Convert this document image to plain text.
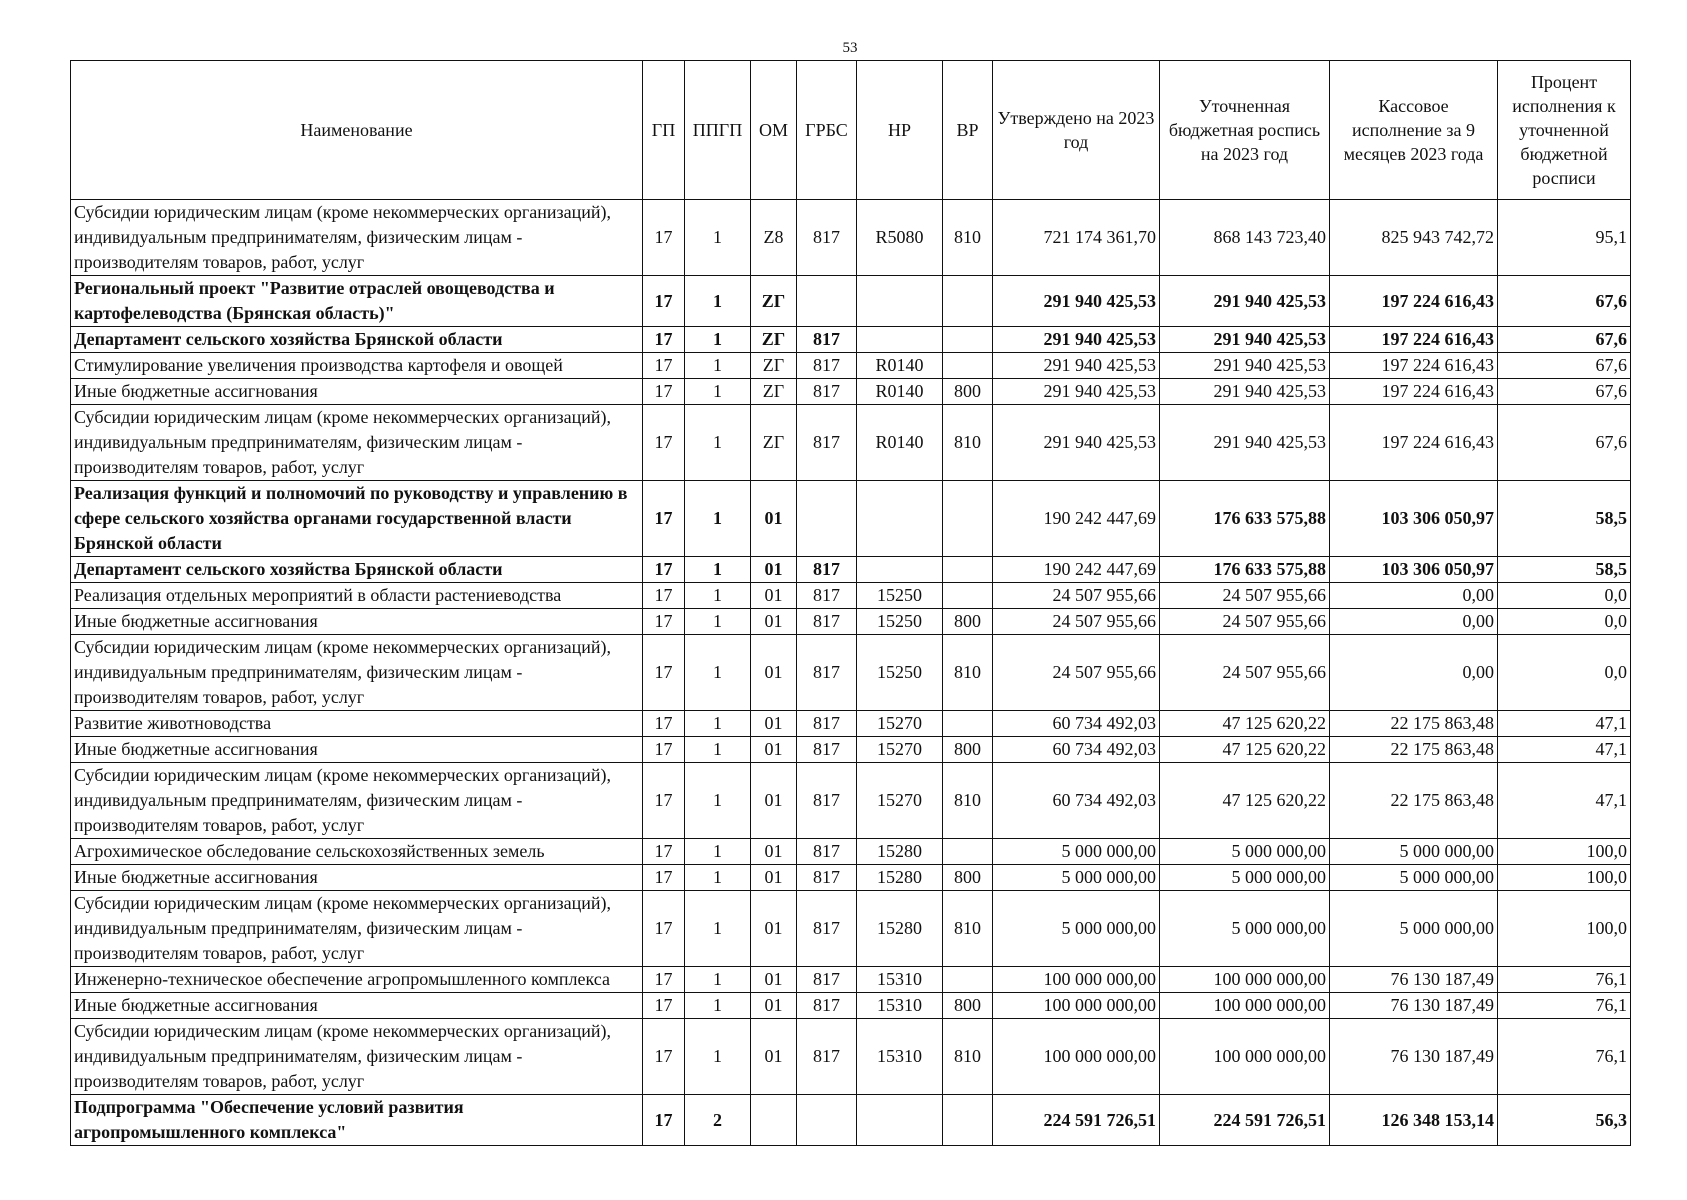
53
Наименование	ГП	ППГП	ОМ	ГРБС	НР	ВР	Утверждено на 2023 год	Уточненная бюджетная роспись на 2023 год	Кассовое исполнение за 9 месяцев 2023 года	Процент исполнения к уточненной бюджетной росписи
Субсидии юридическим лицам (кроме некоммерческих организаций), индивидуальным предпринимателям, физическим лицам - производителям товаров, работ, услуг	17	1	Z8	817	R5080	810	721 174 361,70	868 143 723,40	825 943 742,72	95,1
Региональный проект "Развитие отраслей овощеводства и картофелеводства (Брянская область)"	17	1	ZГ				291 940 425,53	291 940 425,53	197 224 616,43	67,6
Департамент сельского хозяйства Брянской области	17	1	ZГ	817			291 940 425,53	291 940 425,53	197 224 616,43	67,6
Стимулирование увеличения производства картофеля и овощей	17	1	ZГ	817	R0140		291 940 425,53	291 940 425,53	197 224 616,43	67,6
Иные бюджетные ассигнования	17	1	ZГ	817	R0140	800	291 940 425,53	291 940 425,53	197 224 616,43	67,6
Субсидии юридическим лицам (кроме некоммерческих организаций), индивидуальным предпринимателям, физическим лицам - производителям товаров, работ, услуг	17	1	ZГ	817	R0140	810	291 940 425,53	291 940 425,53	197 224 616,43	67,6
Реализация функций и полномочий по руководству и управлению в сфере сельского хозяйства органами государственной власти Брянской области	17	1	01				190 242 447,69	176 633 575,88	103 306 050,97	58,5
Департамент сельского хозяйства Брянской области	17	1	01	817			190 242 447,69	176 633 575,88	103 306 050,97	58,5
Реализация отдельных мероприятий в области растениеводства	17	1	01	817	15250		24 507 955,66	24 507 955,66	0,00	0,0
Иные бюджетные ассигнования	17	1	01	817	15250	800	24 507 955,66	24 507 955,66	0,00	0,0
Субсидии юридическим лицам (кроме некоммерческих организаций), индивидуальным предпринимателям, физическим лицам - производителям товаров, работ, услуг	17	1	01	817	15250	810	24 507 955,66	24 507 955,66	0,00	0,0
Развитие животноводства	17	1	01	817	15270		60 734 492,03	47 125 620,22	22 175 863,48	47,1
Иные бюджетные ассигнования	17	1	01	817	15270	800	60 734 492,03	47 125 620,22	22 175 863,48	47,1
Субсидии юридическим лицам (кроме некоммерческих организаций), индивидуальным предпринимателям, физическим лицам - производителям товаров, работ, услуг	17	1	01	817	15270	810	60 734 492,03	47 125 620,22	22 175 863,48	47,1
Агрохимическое обследование сельскохозяйственных земель	17	1	01	817	15280		5 000 000,00	5 000 000,00	5 000 000,00	100,0
Иные бюджетные ассигнования	17	1	01	817	15280	800	5 000 000,00	5 000 000,00	5 000 000,00	100,0
Субсидии юридическим лицам (кроме некоммерческих организаций), индивидуальным предпринимателям, физическим лицам - производителям товаров, работ, услуг	17	1	01	817	15280	810	5 000 000,00	5 000 000,00	5 000 000,00	100,0
Инженерно-техническое обеспечение агропромышленного комплекса	17	1	01	817	15310		100 000 000,00	100 000 000,00	76 130 187,49	76,1
Иные бюджетные ассигнования	17	1	01	817	15310	800	100 000 000,00	100 000 000,00	76 130 187,49	76,1
Субсидии юридическим лицам (кроме некоммерческих организаций), индивидуальным предпринимателям, физическим лицам - производителям товаров, работ, услуг	17	1	01	817	15310	810	100 000 000,00	100 000 000,00	76 130 187,49	76,1
Подпрограмма "Обеспечение условий развития агропромышленного комплекса"	17	2					224 591 726,51	224 591 726,51	126 348 153,14	56,3
